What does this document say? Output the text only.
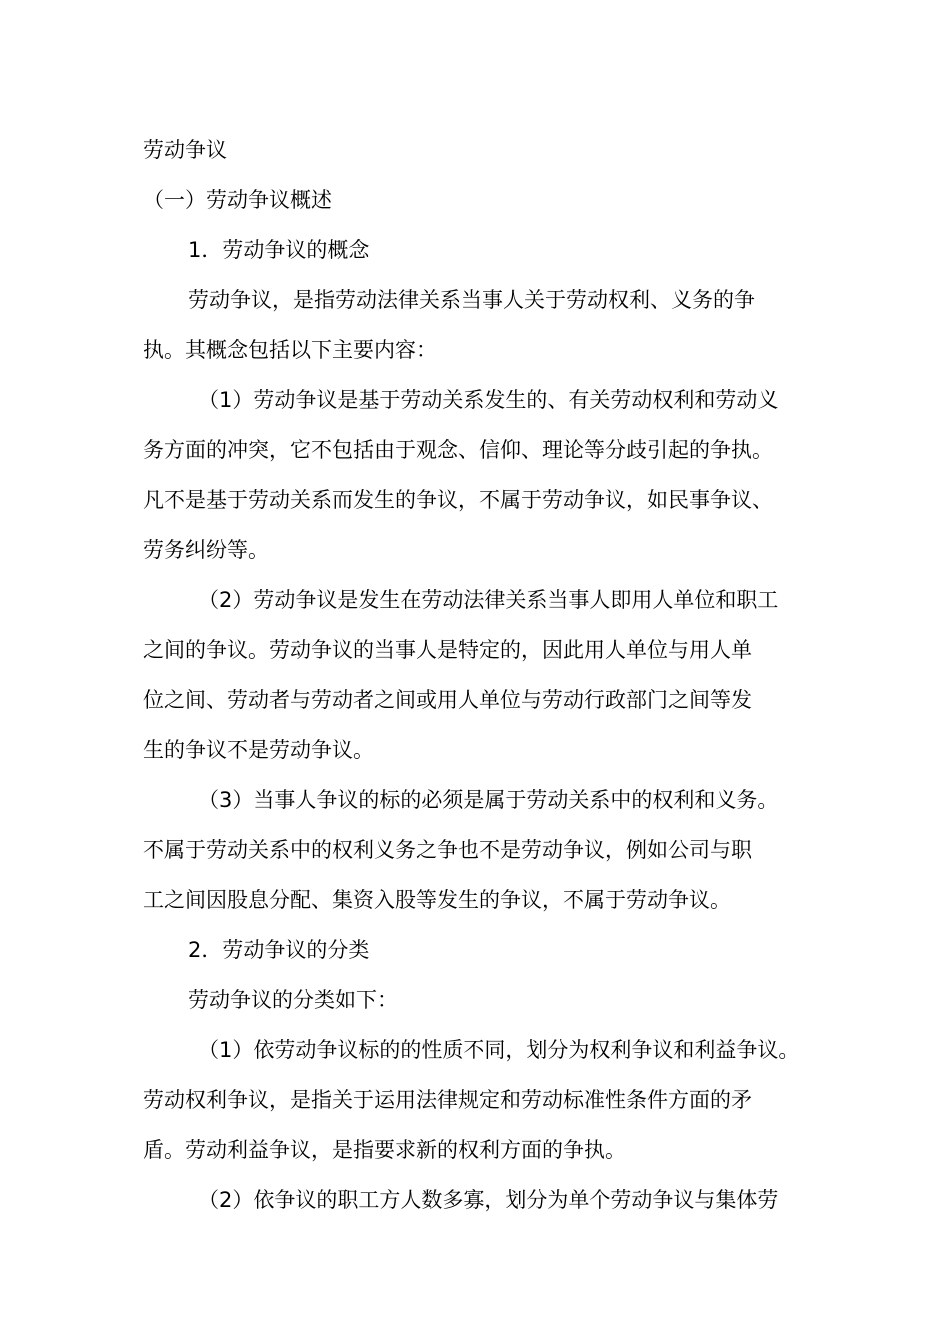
劳动争议
（一）劳动争议概述
1．劳动争议的概念
劳动争议，是指劳动法律关系当事人关于劳动权利、义务的争
执。其概念包括以下主要内容：
（1）劳动争议是基于劳动关系发生的、有关劳动权利和劳动义
务方面的冲突，它不包括由于观念、信仰、理论等分歧引起的争执。
凡不是基于劳动关系而发生的争议，不属于劳动争议，如民事争议、
劳务纠纷等。
（2）劳动争议是发生在劳动法律关系当事人即用人单位和职工
之间的争议。劳动争议的当事人是特定的，因此用人单位与用人单
位之间、劳动者与劳动者之间或用人单位与劳动行政部门之间等发
生的争议不是劳动争议。
（3）当事人争议的标的必须是属于劳动关系中的权利和义务。
不属于劳动关系中的权利义务之争也不是劳动争议，例如公司与职
工之间因股息分配、集资入股等发生的争议，不属于劳动争议。
2．劳动争议的分类
劳动争议的分类如下：
（1）依劳动争议标的的性质不同，划分为权利争议和利益争议。
劳动权利争议，是指关于运用法律规定和劳动标准性条件方面的矛
盾。劳动利益争议，是指要求新的权利方面的争执。
（2）依争议的职工方人数多寡，划分为单个劳动争议与集体劳
